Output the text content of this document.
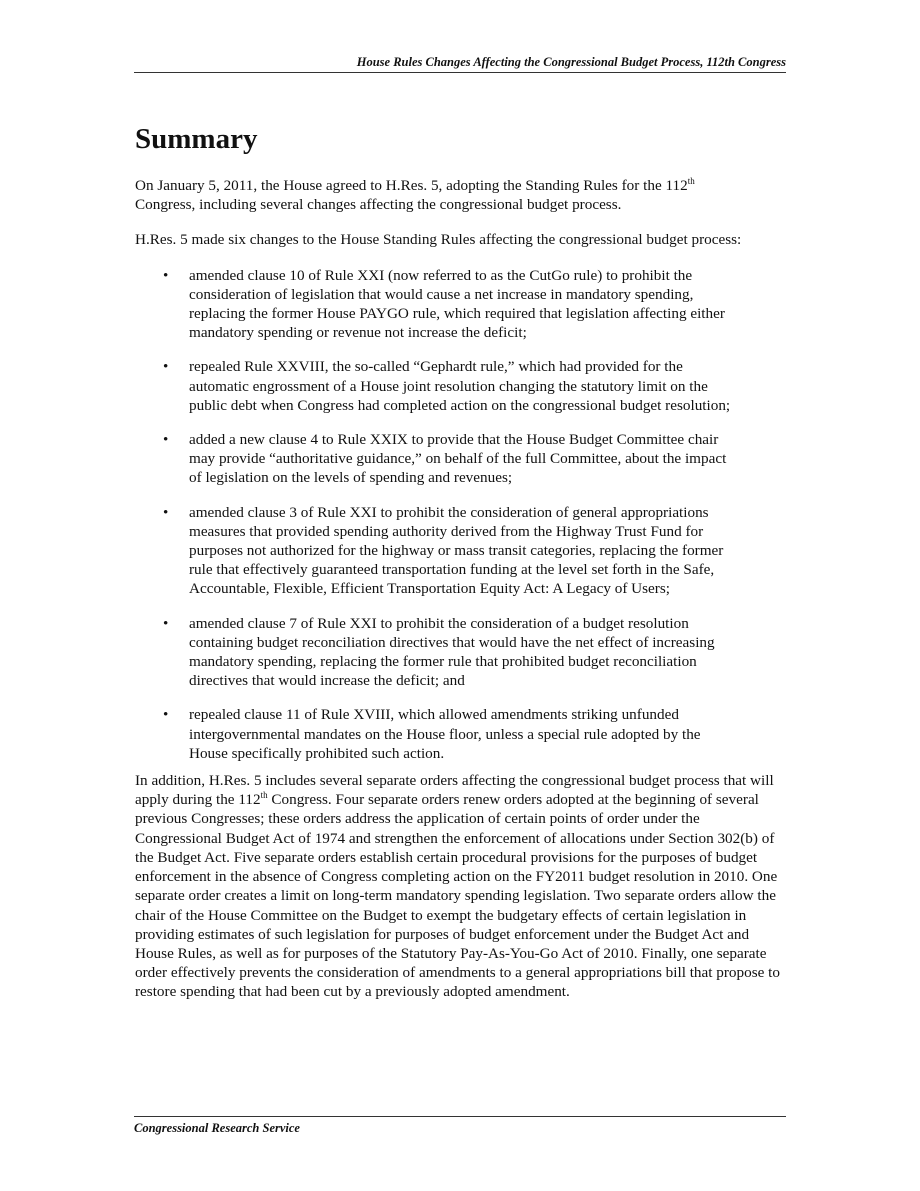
House Rules Changes Affecting the Congressional Budget Process, 112th Congress
Summary

On January 5, 2011, the House agreed to H.Res. 5, adopting the Standing Rules for the 112th Congress, including several changes affecting the congressional budget process.

H.Res. 5 made six changes to the House Standing Rules affecting the congressional budget process:

• amended clause 10 of Rule XXI (now referred to as the CutGo rule) to prohibit the consideration of legislation that would cause a net increase in mandatory spending, replacing the former House PAYGO rule, which required that legislation affecting either mandatory spending or revenue not increase the deficit;
• repealed Rule XXVIII, the so-called “Gephardt rule,” which had provided for the automatic engrossment of a House joint resolution changing the statutory limit on the public debt when Congress had completed action on the congressional budget resolution;
• added a new clause 4 to Rule XXIX to provide that the House Budget Committee chair may provide “authoritative guidance,” on behalf of the full Committee, about the impact of legislation on the levels of spending and revenues;
• amended clause 3 of Rule XXI to prohibit the consideration of general appropriations measures that provided spending authority derived from the Highway Trust Fund for purposes not authorized for the highway or mass transit categories, replacing the former rule that effectively guaranteed transportation funding at the level set forth in the Safe, Accountable, Flexible, Efficient Transportation Equity Act: A Legacy of Users;
• amended clause 7 of Rule XXI to prohibit the consideration of a budget resolution containing budget reconciliation directives that would have the net effect of increasing mandatory spending, replacing the former rule that prohibited budget reconciliation directives that would increase the deficit; and
• repealed clause 11 of Rule XVIII, which allowed amendments striking unfunded intergovernmental mandates on the House floor, unless a special rule adopted by the House specifically prohibited such action.

In addition, H.Res. 5 includes several separate orders affecting the congressional budget process that will apply during the 112th Congress. Four separate orders renew orders adopted at the beginning of several previous Congresses; these orders address the application of certain points of order under the Congressional Budget Act of 1974 and strengthen the enforcement of allocations under Section 302(b) of the Budget Act. Five separate orders establish certain procedural provisions for the purposes of budget enforcement in the absence of Congress completing action on the FY2011 budget resolution in 2010. One separate order creates a limit on long-term mandatory spending legislation. Two separate orders allow the chair of the House Committee on the Budget to exempt the budgetary effects of certain legislation in providing estimates of such legislation for purposes of budget enforcement under the Budget Act and House Rules, as well as for purposes of the Statutory Pay-As-You-Go Act of 2010. Finally, one separate order effectively prevents the consideration of amendments to a general appropriations bill that propose to restore spending that had been cut by a previously adopted amendment.

Congressional Research Service
